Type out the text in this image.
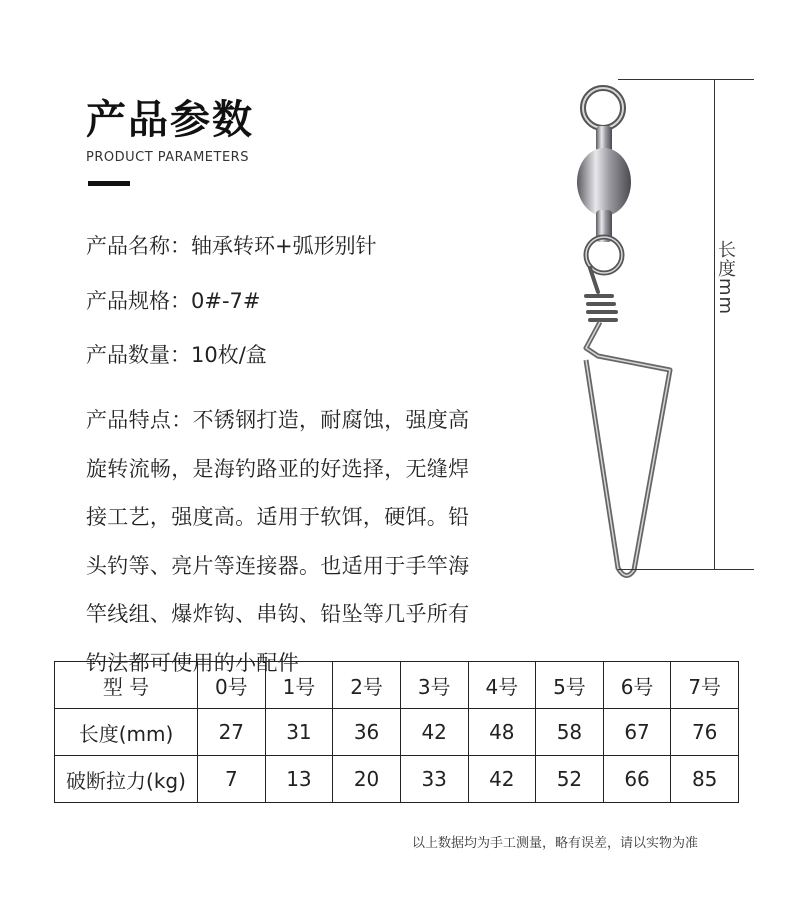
产品参数
PRODUCT PARAMETERS
产品名称：轴承转环+弧形别针
产品规格：0#-7#
产品数量：10枚/盒
产品特点：不锈钢打造，耐腐蚀，强度高
旋转流畅，是海钓路亚的好选择，无缝焊
接工艺，强度高。适用于软饵，硬饵。铅
头钓等、亮片等连接器。也适用于手竿海
竿线组、爆炸钩、串钩、铅坠等几乎所有
钓法都可使用的小配件
长度mm
型 号	0号	1号	2号	3号	4号	5号	6号	7号
长度(mm)	27	31	36	42	48	58	67	76
破断拉力(kg)	7	13	20	33	42	52	66	85
以上数据均为手工测量，略有误差，请以实物为准
